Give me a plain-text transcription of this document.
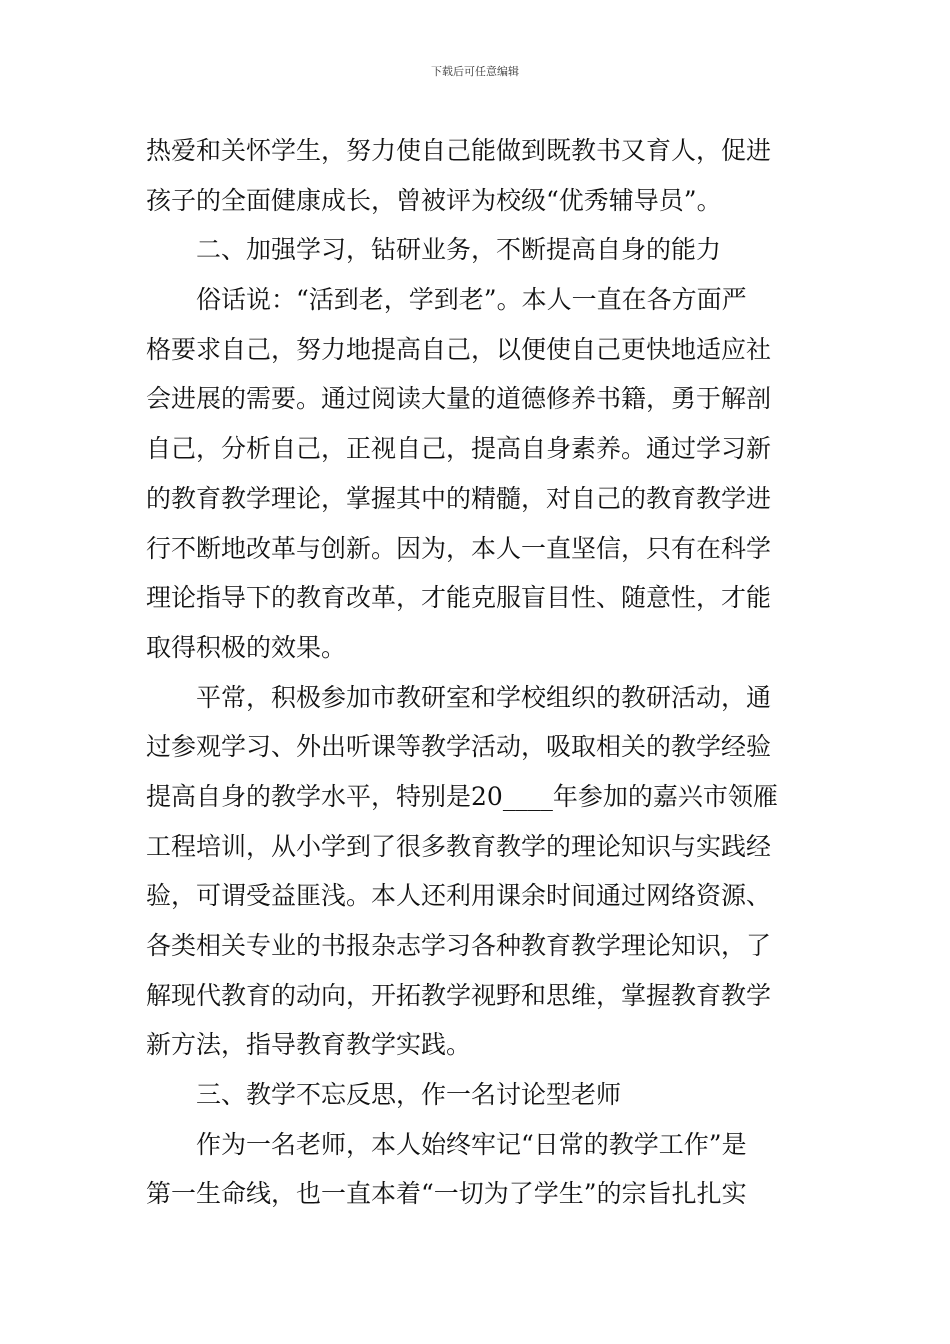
下载后可任意编辑
热爱和关怀学生，努力使自己能做到既教书又育人，促进
孩子的全面健康成长，曾被评为校级“优秀辅导员”。
二、加强学习，钻研业务，不断提高自身的能力
俗话说：“活到老，学到老”。本人一直在各方面严
格要求自己，努力地提高自己，以便使自己更快地适应社
会进展的需要。通过阅读大量的道德修养书籍，勇于解剖
自己，分析自己，正视自己，提高自身素养。通过学习新
的教育教学理论，掌握其中的精髓，对自己的教育教学进
行不断地改革与创新。因为，本人一直坚信，只有在科学
理论指导下的教育改革，才能克服盲目性、随意性，才能
取得积极的效果。
平常，积极参加市教研室和学校组织的教研活动，通
过参观学习、外出听课等教学活动，吸取相关的教学经验
提高自身的教学水平，特别是20____年参加的嘉兴市领雁
工程培训，从小学到了很多教育教学的理论知识与实践经
验，可谓受益匪浅。本人还利用课余时间通过网络资源、
各类相关专业的书报杂志学习各种教育教学理论知识，了
解现代教育的动向，开拓教学视野和思维，掌握教育教学
新方法，指导教育教学实践。
三、教学不忘反思，作一名讨论型老师
作为一名老师，本人始终牢记“日常的教学工作”是
第一生命线，也一直本着“一切为了学生”的宗旨扎扎实
